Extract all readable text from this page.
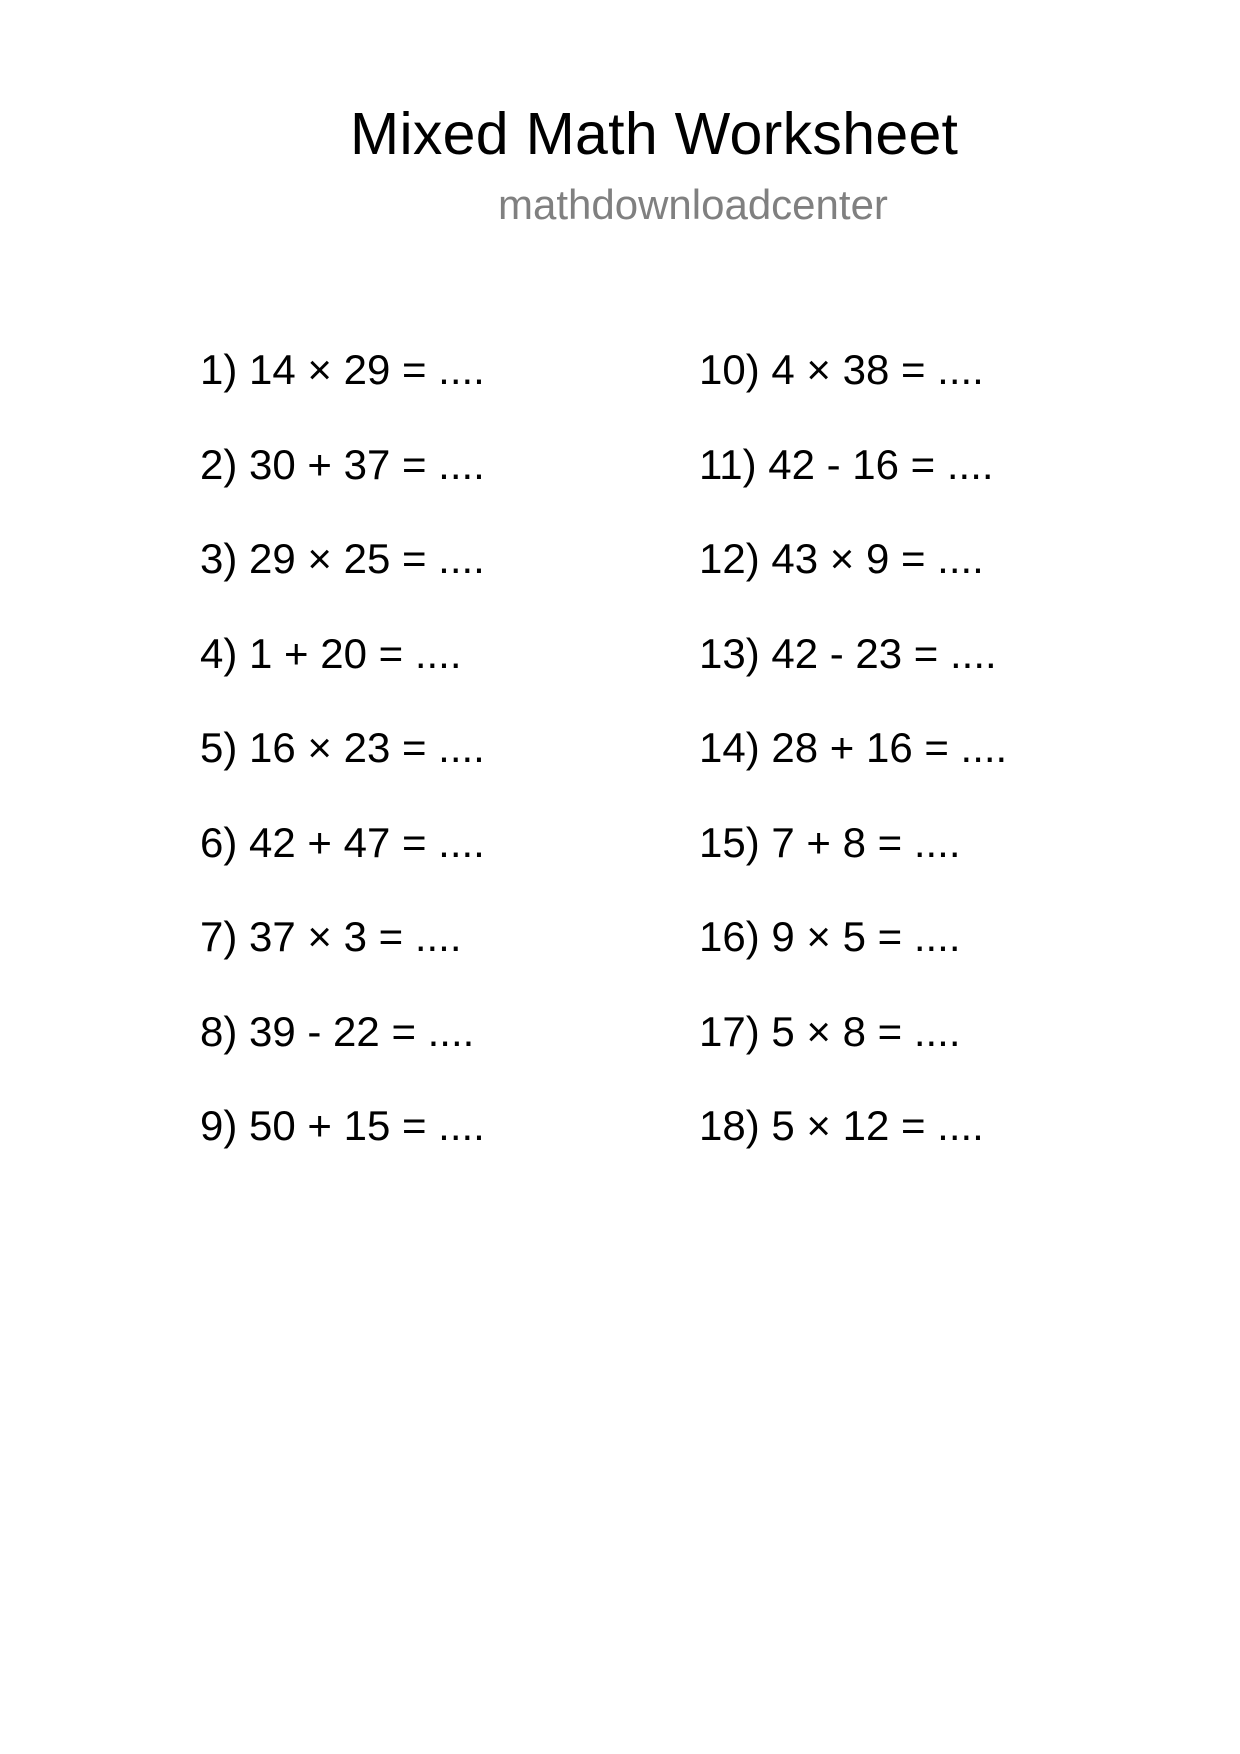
Mixed Math Worksheet
mathdownloadcenter
1) 14 × 29 = ....
2) 30 + 37 = ....
3) 29 × 25 = ....
4) 1 + 20 = ....
5) 16 × 23 = ....
6) 42 + 47 = ....
7) 37 × 3 = ....
8) 39 - 22 = ....
9) 50 + 15 = ....
10) 4 × 38 = ....
11) 42 - 16 = ....
12) 43 × 9 = ....
13) 42 - 23 = ....
14) 28 + 16 = ....
15) 7 + 8 = ....
16) 9 × 5 = ....
17) 5 × 8 = ....
18) 5 × 12 = ....
